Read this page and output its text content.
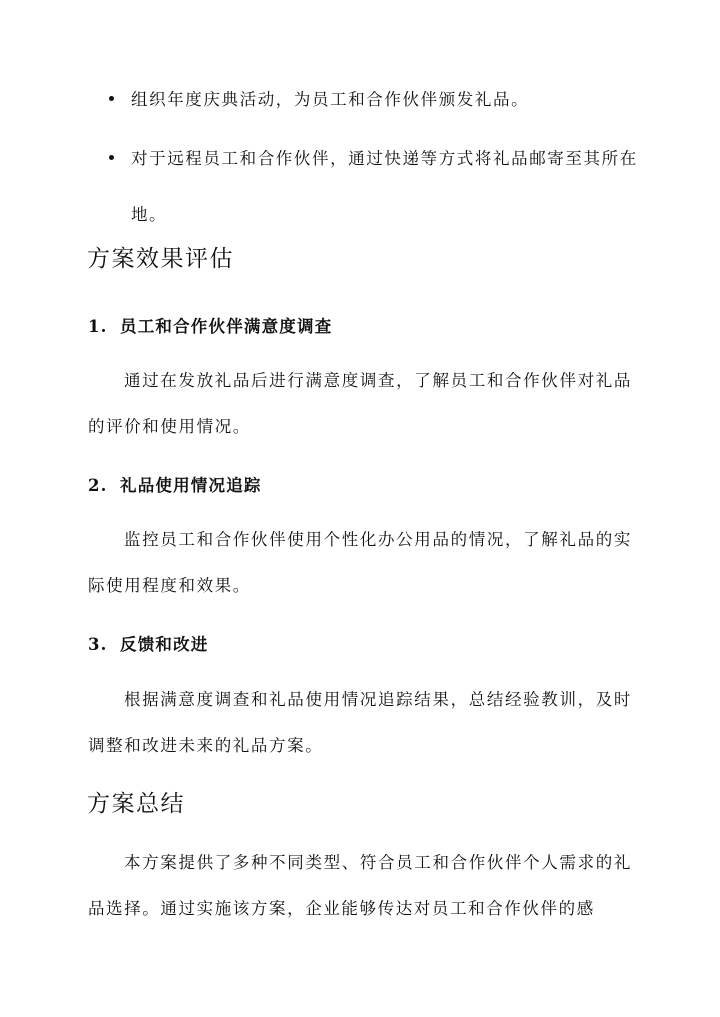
组织年度庆典活动，为员工和合作伙伴颁发礼品。
对于远程员工和合作伙伴，通过快递等方式将礼品邮寄至其所在地。
方案效果评估
1. 员工和合作伙伴满意度调查

通过在发放礼品后进行满意度调查，了解员工和合作伙伴对礼品的评价和使用情况。

2. 礼品使用情况追踪

监控员工和合作伙伴使用个性化办公用品的情况，了解礼品的实际使用程度和效果。

3. 反馈和改进

根据满意度调查和礼品使用情况追踪结果，总结经验教训，及时调整和改进未来的礼品方案。

方案总结

本方案提供了多种不同类型、符合员工和合作伙伴个人需求的礼品选择。通过实施该方案，企业能够传达对员工和合作伙伴的感
